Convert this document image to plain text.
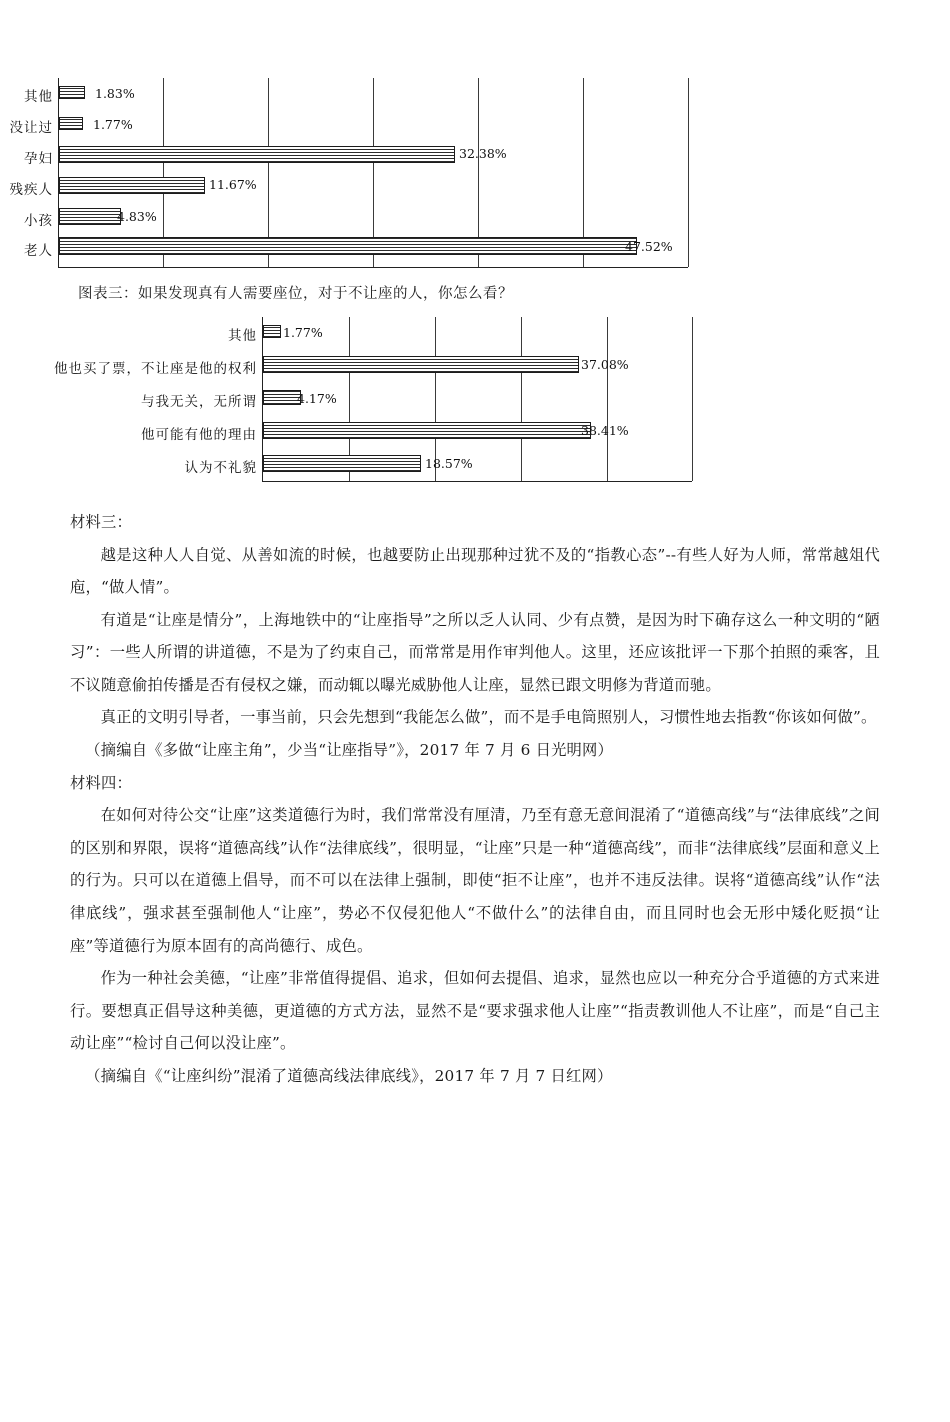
其他	1.83%
没让过	1.77%
孕妇	32.38%
残疾人	11.67%
小孩	4.83%
老人	47.52%
图表三：如果发现真有人需要座位，对于不让座的人，你怎么看？
其他 1.77%
他也买了票，不让座是他的权利	37.08%
与我无关，无所谓	4.17%
他可能有他的理由	38.41%
认为不礼貌	18.57%

材料三：

越是这种人人自觉、从善如流的时候，也越要防止出现那种过犹不及的“指教心态”--有些人好为人师，常常越俎代庖，“做人情”。

有道是“让座是情分”，上海地铁中的“让座指导”之所以乏人认同、少有点赞，是因为时下确存这么一种文明的“陋习”：一些人所谓的讲道德，不是为了约束自己，而常常是用作审判他人。这里，还应该批评一下那个拍照的乘客，且不议随意偷拍传播是否有侵权之嫌，而动辄以曝光威胁他人让座，显然已跟文明修为背道而驰。

真正的文明引导者，一事当前，只会先想到“我能怎么做”，而不是手电筒照别人，习惯性地去指教“你该如何做”。

（摘编自《多做“让座主角”，少当“让座指导”》，2017 年 7 月 6 日光明网）

材料四：

在如何对待公交“让座”这类道德行为时，我们常常没有厘清，乃至有意无意间混淆了“道德高线”与“法律底线”之间的区别和界限，误将“道德高线”认作“法律底线”，很明显，“让座”只是一种“道德高线”，而非“法律底线”层面和意义上的行为。只可以在道德上倡导，而不可以在法律上强制，即使“拒不让座”，也并不违反法律。误将“道德高线”认作“法律底线”，强求甚至强制他人“让座”，势必不仅侵犯他人“不做什么”的法律自由，而且同时也会无形中矮化贬损“让座”等道德行为原本固有的高尚德行、成色。

作为一种社会美德，“让座”非常值得提倡、追求，但如何去提倡、追求，显然也应以一种充分合乎道德的方式来进行。要想真正倡导这种美德，更道德的方式方法，显然不是“要求强求他人让座”“指责教训他人不让座”，而是“自己主动让座”“检讨自己何以没让座”。

（摘编自《“让座纠纷”混淆了道德高线法律底线》，2017 年 7 月 7 日红网）
